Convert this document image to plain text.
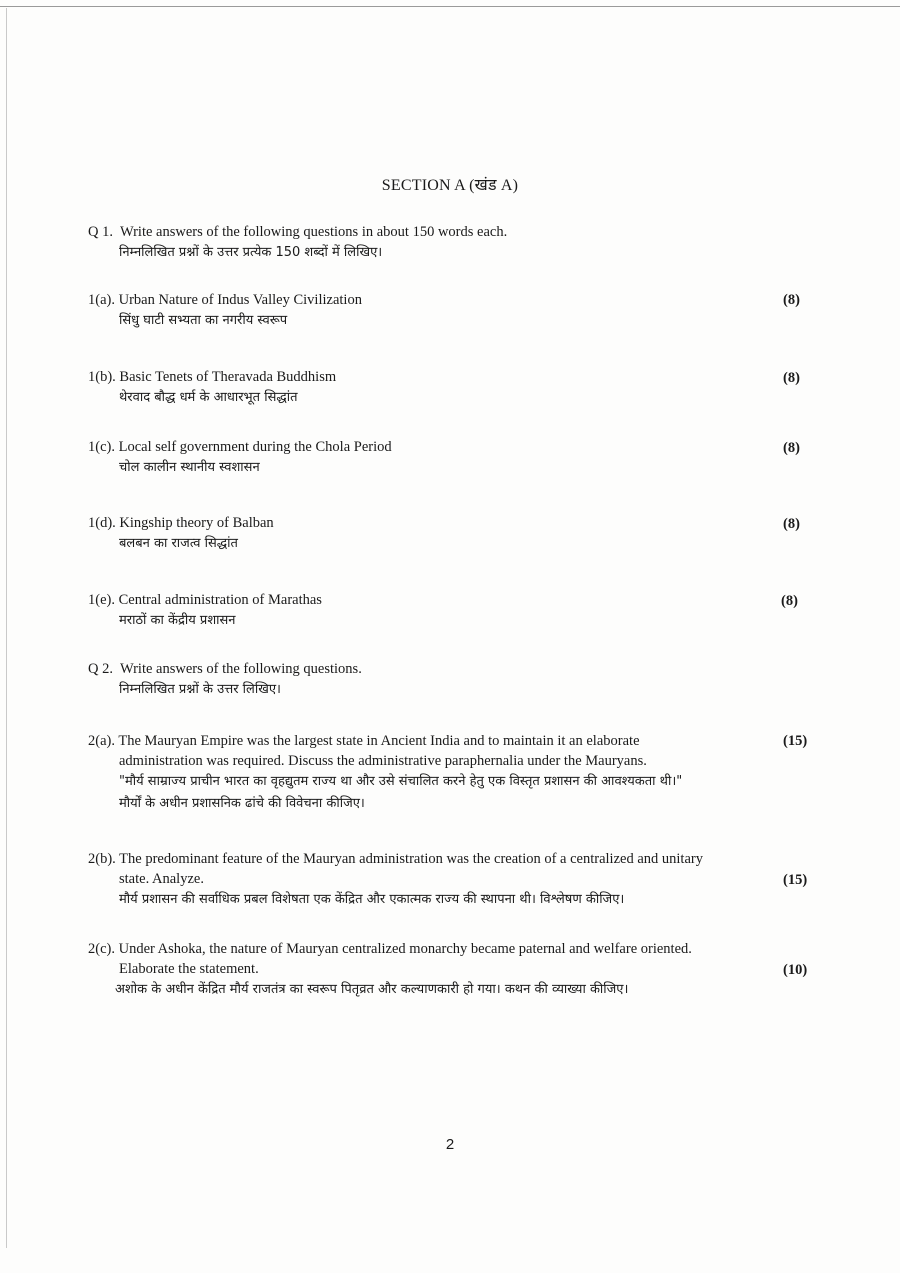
SECTION A (खंड A)
Q 1. Write answers of the following questions in about 150 words each.
निम्नलिखित प्रश्नों के उत्तर प्रत्येक 150 शब्दों में लिखिए।
1(a). Urban Nature of Indus Valley Civilization
सिंधु घाटी सभ्यता का नगरीय स्वरूप
(8)
1(b). Basic Tenets of Theravada Buddhism
थेरवाद बौद्ध धर्म के आधारभूत सिद्धांत
(8)
1(c). Local self government during the Chola Period
चोल कालीन स्थानीय स्वशासन
(8)
1(d). Kingship theory of Balban
बलबन का राजत्व सिद्धांत
(8)
1(e). Central administration of Marathas
मराठों का केंद्रीय प्रशासन
(8)
Q 2. Write answers of the following questions.
निम्नलिखित प्रश्नों के उत्तर लिखिए।
2(a). The Mauryan Empire was the largest state in Ancient India and to maintain it an elaborate
administration was required. Discuss the administrative paraphernalia under the Mauryans.
"मौर्य साम्राज्य प्राचीन भारत का वृहद्युतम राज्य था और उसे संचालित करने हेतु एक विस्तृत प्रशासन की आवश्यकता थी।"
मौर्यों के अधीन प्रशासनिक ढांचे की विवेचना कीजिए।
(15)
2(b). The predominant feature of the Mauryan administration was the creation of a centralized and unitary
state. Analyze.
मौर्य प्रशासन की सर्वाधिक प्रबल विशेषता एक केंद्रित और एकात्मक राज्य की स्थापना थी। विश्लेषण कीजिए।
(15)
2(c). Under Ashoka, the nature of Mauryan centralized monarchy became paternal and welfare oriented.
Elaborate the statement.
अशोक के अधीन केंद्रित मौर्य राजतंत्र का स्वरूप पितृव्रत और कल्याणकारी हो गया। कथन की व्याख्या कीजिए।
(10)
2
